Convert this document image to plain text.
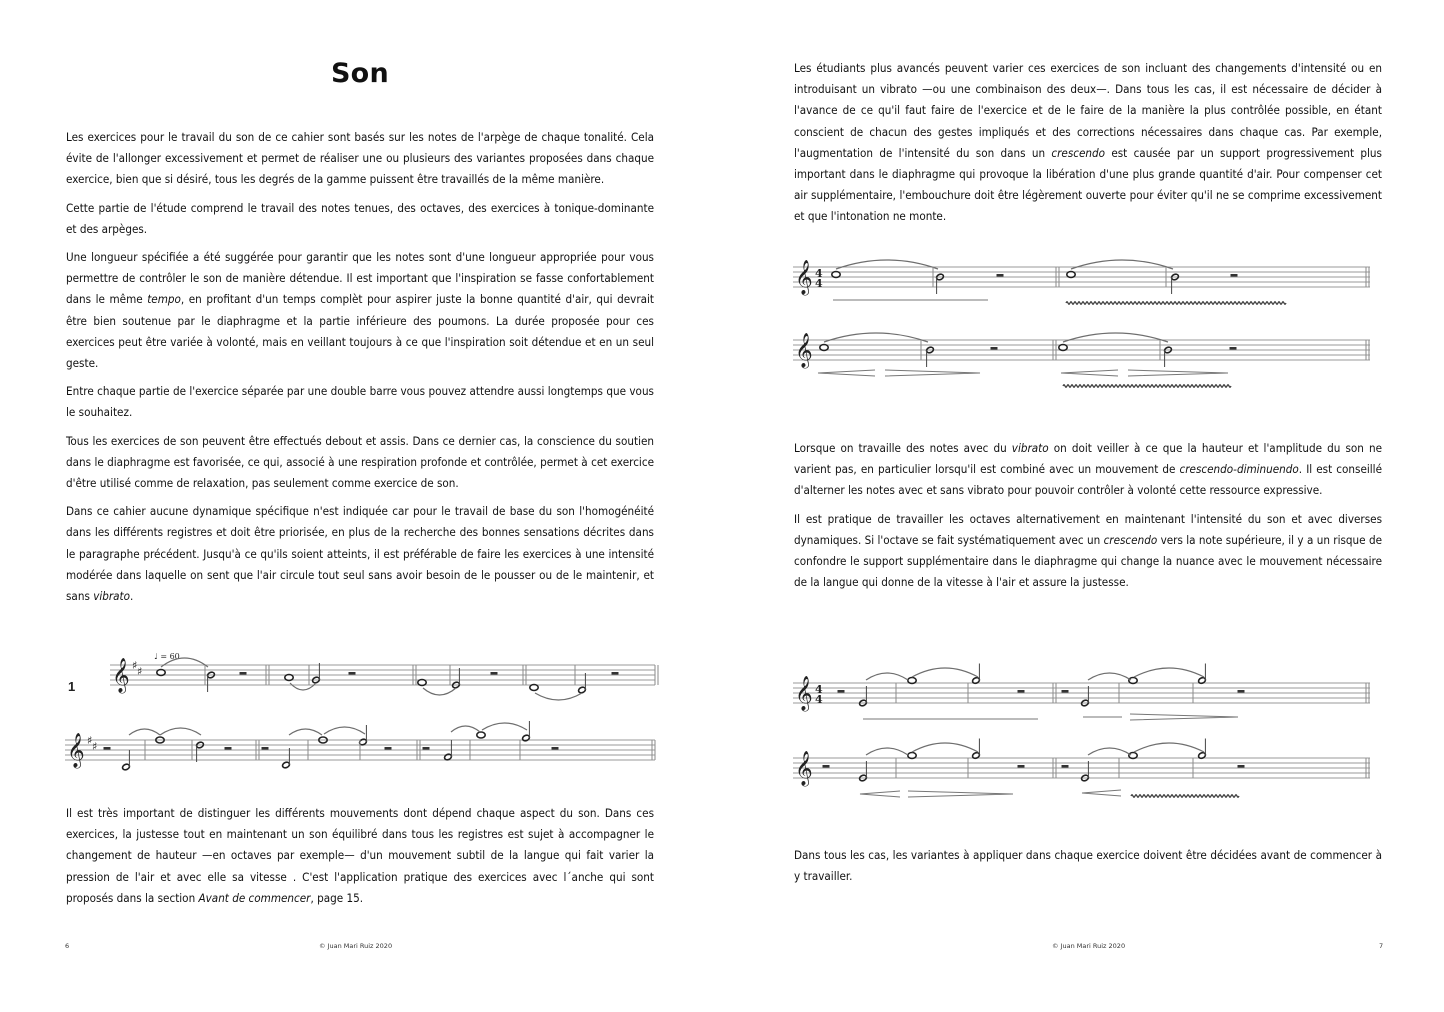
Son

Les exercices pour le travail du son de ce cahier sont basés sur les notes de l'arpège de chaque tonalité. Cela évite de l'allonger excessivement et permet de réaliser une ou plusieurs des variantes proposées dans chaque exercice, bien que si désiré, tous les degrés de la gamme puissent être travaillés de la même manière.

Cette partie de l'étude comprend le travail des notes tenues, des octaves, des exercices à tonique-dominante et des arpèges.

Une longueur spécifiée a été suggérée pour garantir que les notes sont d'une longueur appropriée pour vous permettre de contrôler le son de manière détendue. Il est important que l'inspiration se fasse confortablement dans le même tempo, en profitant d'un temps complèt pour aspirer juste la bonne quantité d'air, qui devrait être bien soutenue par le diaphragme et la partie inférieure des poumons. La durée proposée pour ces exercices peut être variée à volonté, mais en veillant toujours à ce que l'inspiration soit détendue et en un seul geste.

Entre chaque partie de l'exercice séparée par une double barre vous pouvez attendre aussi longtemps que vous le souhaitez.

Tous les exercices de son peuvent être effectués debout et assis. Dans ce dernier cas, la conscience du soutien dans le diaphragme est favorisée, ce qui, associé à une respiration profonde et contrôlée, permet à cet exercice d'être utilisé comme de relaxation, pas seulement comme exercice de son.

Dans ce cahier aucune dynamique spécifique n'est indiquée car pour le travail de base du son l'homogénéité dans les différents registres et doit être priorisée, en plus de la recherche des bonnes sensations décrites dans le paragraphe précédent. Jusqu'à ce qu'ils soient atteints, il est préférable de faire les exercices à une intensité modérée dans laquelle on sent que l'air circule tout seul sans avoir besoin de le pousser ou de le maintenir, et sans vibrato.

1
♩ = 60
𝄞 ♯ ♯
𝄞 ♯ ♯

Il est très important de distinguer les différents mouvements dont dépend chaque aspect du son. Dans ces exercices, la justesse tout en maintenant un son équilibré dans tous les registres est sujet à accompagner le changement de hauteur —en octaves par exemple— d'un mouvement subtil de la langue qui fait varier la pression de l'air et avec elle sa vitesse . C'est l'application pratique des exercices avec l´anche qui sont proposés dans la section Avant de commencer, page 15.

6	© Juan Mari Ruiz 2020

Les étudiants plus avancés peuvent varier ces exercices de son incluant des changements d'intensité ou en introduisant un vibrato —ou une combinaison des deux—. Dans tous les cas, il est nécessaire de décider à l'avance de ce qu'il faut faire de l'exercice et de le faire de la manière la plus contrôlée possible, en étant conscient de chacun des gestes impliqués et des corrections nécessaires dans chaque cas. Par exemple, l'augmentation de l'intensité du son dans un crescendo est causée par un support progressivement plus important dans le diaphragme qui provoque la libération d'une plus grande quantité d'air. Pour compenser cet air supplémentaire, l'embouchure doit être légèrement ouverte pour éviter qu'il ne se comprime excessivement et que l'intonation ne monte.

𝄞 4
4
𝄞

Lorsque on travaille des notes avec du vibrato on doit veiller à ce que la hauteur et l'amplitude du son ne varient pas, en particulier lorsqu'il est combiné avec un mouvement de crescendo-diminuendo. Il est conseillé d'alterner les notes avec et sans vibrato pour pouvoir contrôler à volonté cette ressource expressive.

Il est pratique de travailler les octaves alternativement en maintenant l'intensité du son et avec diverses dynamiques. Si l'octave se fait systématiquement avec un crescendo vers la note supérieure, il y a un risque de confondre le support supplémentaire dans le diaphragme qui change la nuance avec le mouvement nécessaire de la langue qui donne de la vitesse à l'air et assure la justesse.

𝄞 4
4
𝄞

Dans tous les cas, les variantes à appliquer dans chaque exercice doivent être décidées avant de commencer à y travailler.

© Juan Mari Ruiz 2020	7
